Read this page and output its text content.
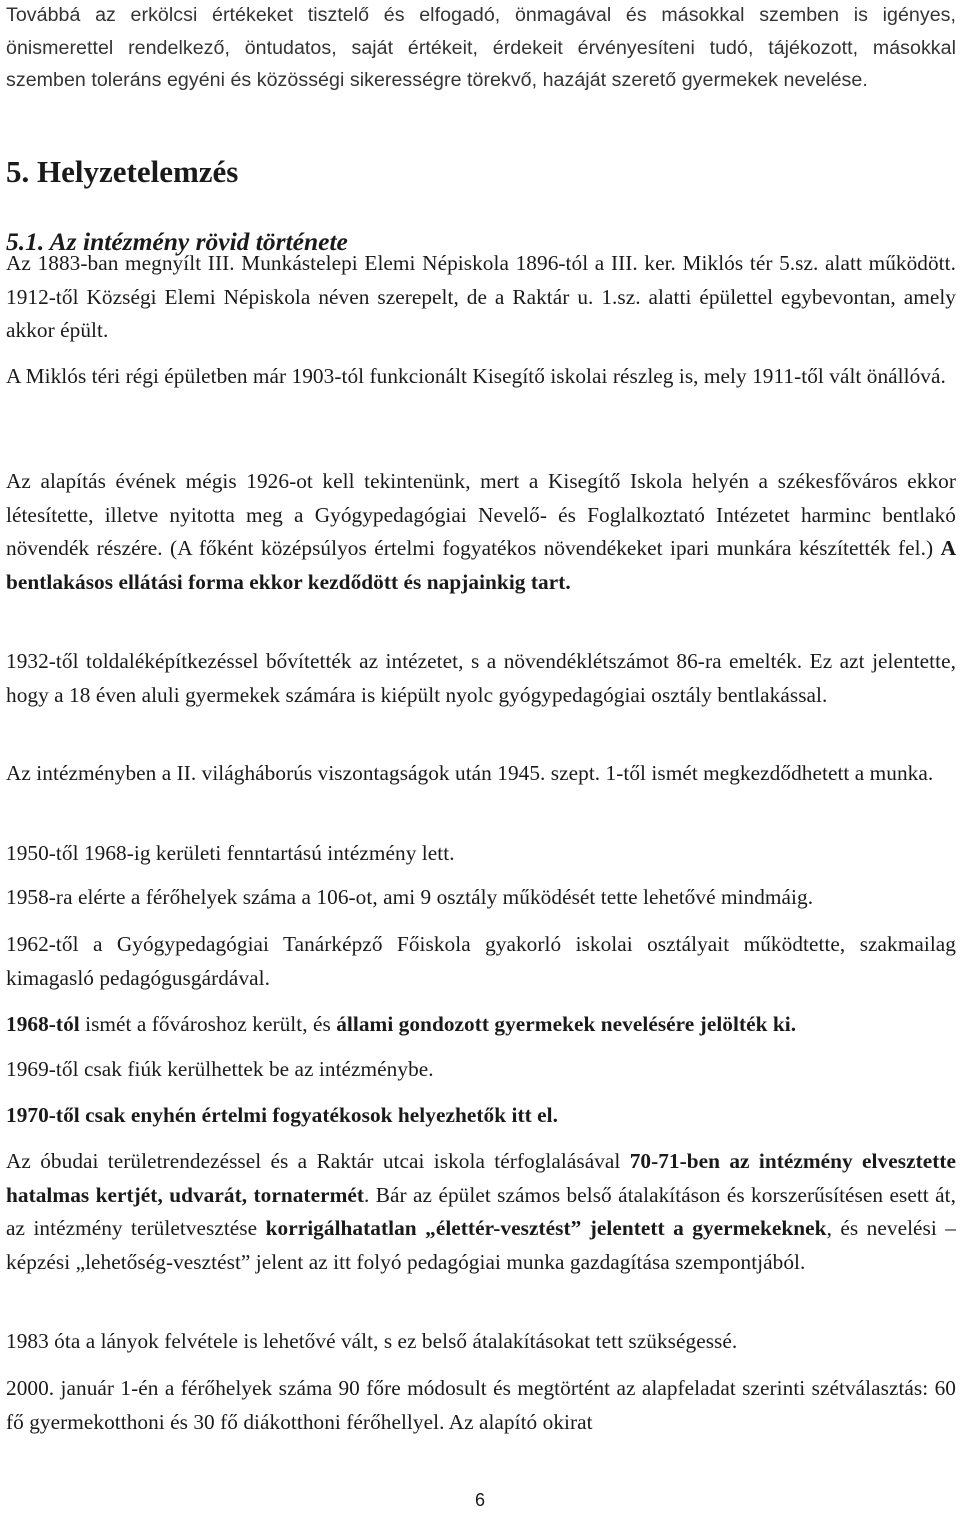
Továbbá az erkölcsi értékeket tisztelő és elfogadó, önmagával és másokkal szemben is igényes, önismerettel rendelkező, öntudatos, saját értékeit, érdekeit érvényesíteni tudó, tájékozott, másokkal szemben toleráns egyéni és közösségi sikerességre törekvő, hazáját szerető gyermekek nevelése.

5. Helyzetelemzés
5.1. Az intézmény rövid története

Az 1883-ban megnyílt III. Munkástelepi Elemi Népiskola 1896-tól a III. ker. Miklós tér 5.sz. alatt működött. 1912-től Községi Elemi Népiskola néven szerepelt, de a Raktár u. 1.sz. alatti épülettel egybevontan, amely akkor épült.

A Miklós téri régi épületben már 1903-tól funkcionált Kisegítő iskolai részleg is, mely 1911-től vált önállóvá.

Az alapítás évének mégis 1926-ot kell tekintenünk, mert a Kisegítő Iskola helyén a székesfőváros ekkor létesítette, illetve nyitotta meg a Gyógypedagógiai Nevelő- és Foglalkoztató Intézetet harminc bentlakó növendék részére. (A főként középsúlyos értelmi fogyatékos növendékeket ipari munkára készítették fel.) A bentlakásos ellátási forma ekkor kezdődött és napjainkig tart.

1932-től toldaléképítkezéssel bővítették az intézetet, s a növendéklétszámot 86-ra emelték. Ez azt jelentette, hogy a 18 éven aluli gyermekek számára is kiépült nyolc gyógypedagógiai osztály bentlakással.

Az intézményben a II. világháborús viszontagságok után 1945. szept. 1-től ismét megkezdődhetett a munka.

1950-től 1968-ig kerületi fenntartású intézmény lett.

1958-ra elérte a férőhelyek száma a 106-ot, ami 9 osztály működését tette lehetővé mindmáig.

1962-től a Gyógypedagógiai Tanárképző Főiskola gyakorló iskolai osztályait működtette, szakmailag kimagasló pedagógusgárdával.

1968-tól ismét a fővároshoz került, és állami gondozott gyermekek nevelésére jelölték ki.

1969-től csak fiúk kerülhettek be az intézménybe.

1970-től csak enyhén értelmi fogyatékosok helyezhetők itt el.

Az óbudai területrendezéssel és a Raktár utcai iskola térfoglalásával 70-71-ben az intézmény elvesztette hatalmas kertjét, udvarát, tornatermét. Bár az épület számos belső átalakításon és korszerűsítésen esett át, az intézmény területvesztése korrigálhatatlan „élettér-vesztést” jelentett a gyermekeknek, és nevelési – képzési „lehetőség-vesztést” jelent az itt folyó pedagógiai munka gazdagítása szempontjából.

1983 óta a lányok felvétele is lehetővé vált, s ez belső átalakításokat tett szükségessé.

2000. január 1-én a férőhelyek száma 90 főre módosult és megtörtént az alapfeladat szerinti szétválasztás: 60 fő gyermekotthoni és 30 fő diákotthoni férőhellyel. Az alapító okirat

6
